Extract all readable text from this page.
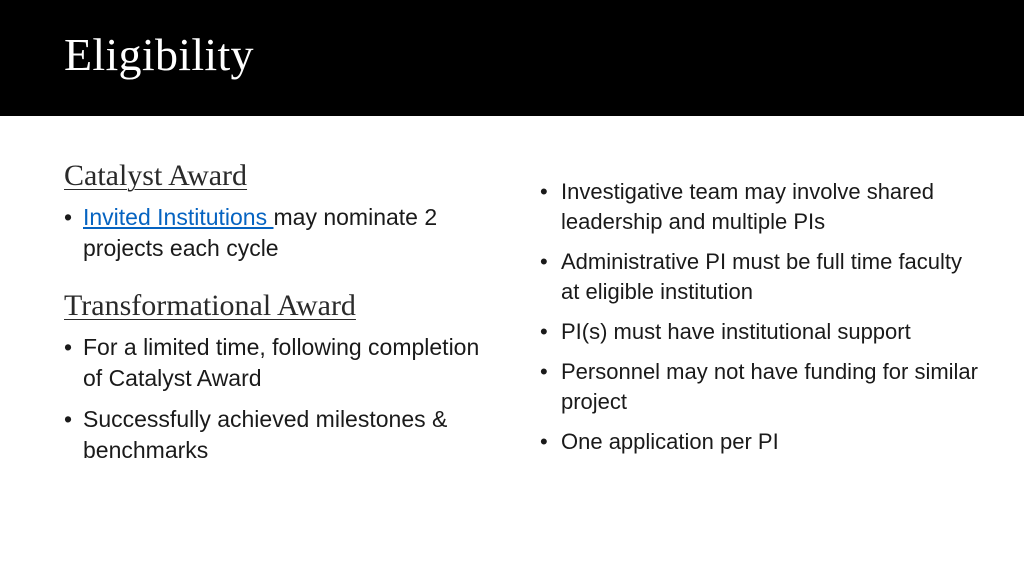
Eligibility
Catalyst Award
• Invited Institutions may nominate 2 projects each cycle
Transformational Award
• For a limited time, following completion of Catalyst Award
• Successfully achieved milestones & benchmarks
• Investigative team may involve shared leadership and multiple PIs
• Administrative PI must be full time faculty at eligible institution
• PI(s) must have institutional support
• Personnel may not have funding for similar project
• One application per PI
